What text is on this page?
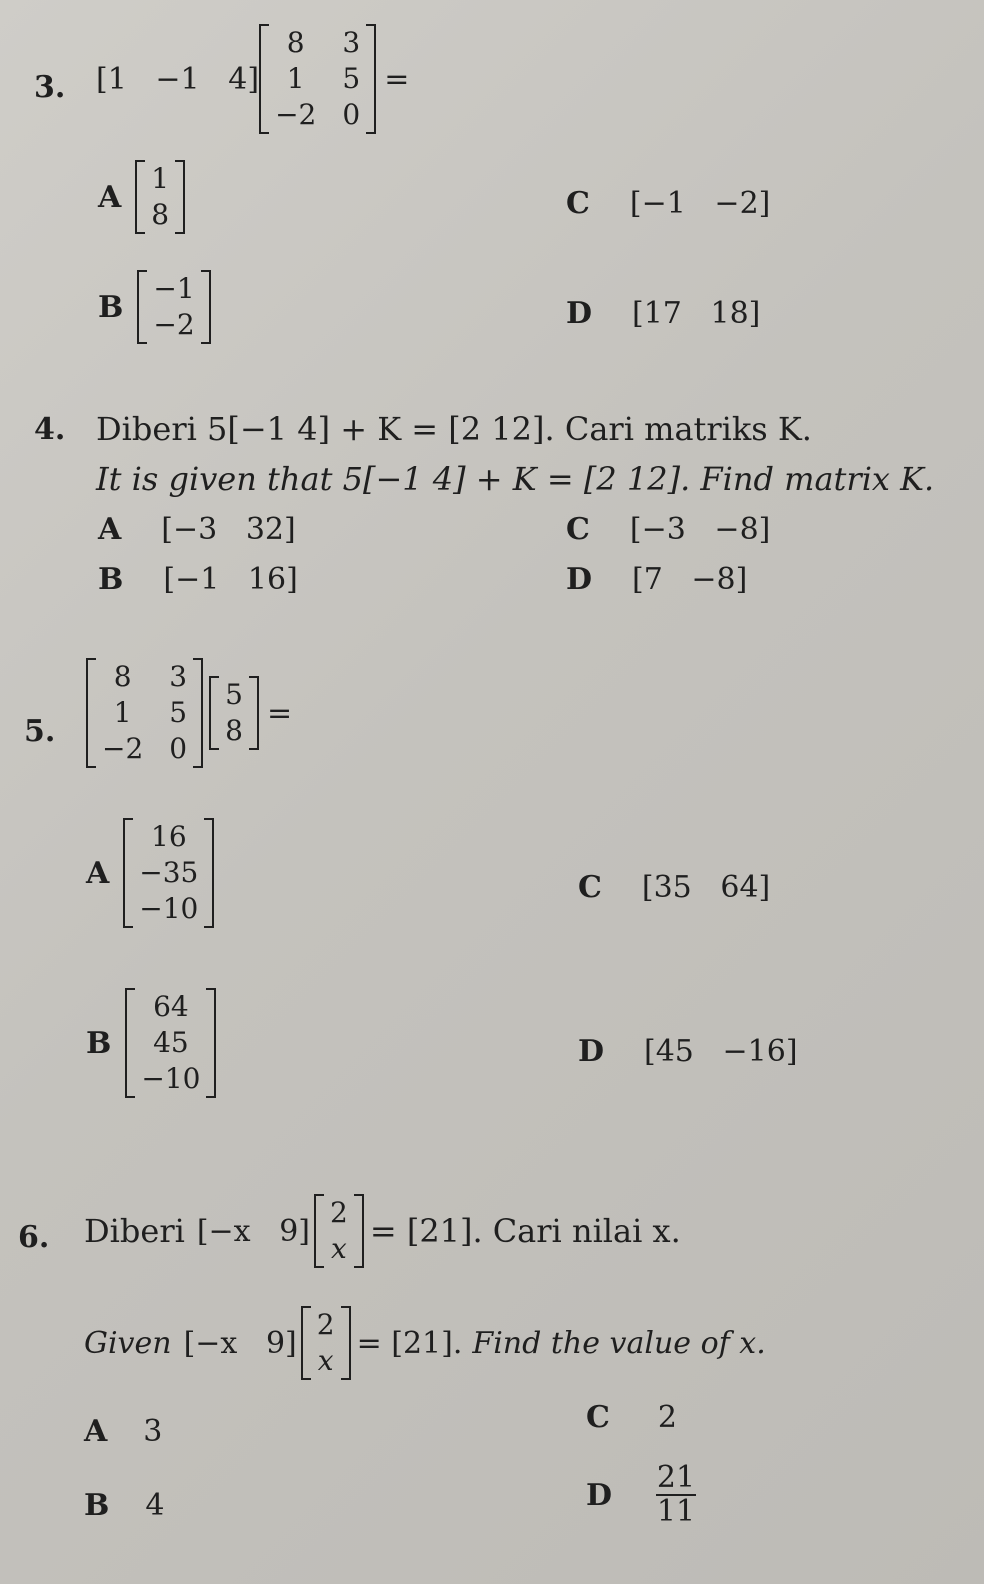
3. [1 −1 4]
8	3
1	5
−2 0
=
A
1
8
B
−1
−2
C [−1   −2]
D [17   18]
4. Diberi 5[−1 4] + K = [2 12]. Cari matriks K.
It is given that 5[−1 4] + K = [2 12]. Find matrix K.
A [−3   32]
B [−1   16]
C [−3   −8]
D [7   −8]
5.
8	3
1	5
−2 0
5
8 =
A
16
−35
−10
B
64
45
−10
C [35   64]
D [45   −16]
6. Diberi [−x   9]
2
x = [21]. Cari nilai x.
Given [−x   9]
2
x = [21]. Find the value of x.
A 3
B 4
C 2
D $\frac{21}{11}$
